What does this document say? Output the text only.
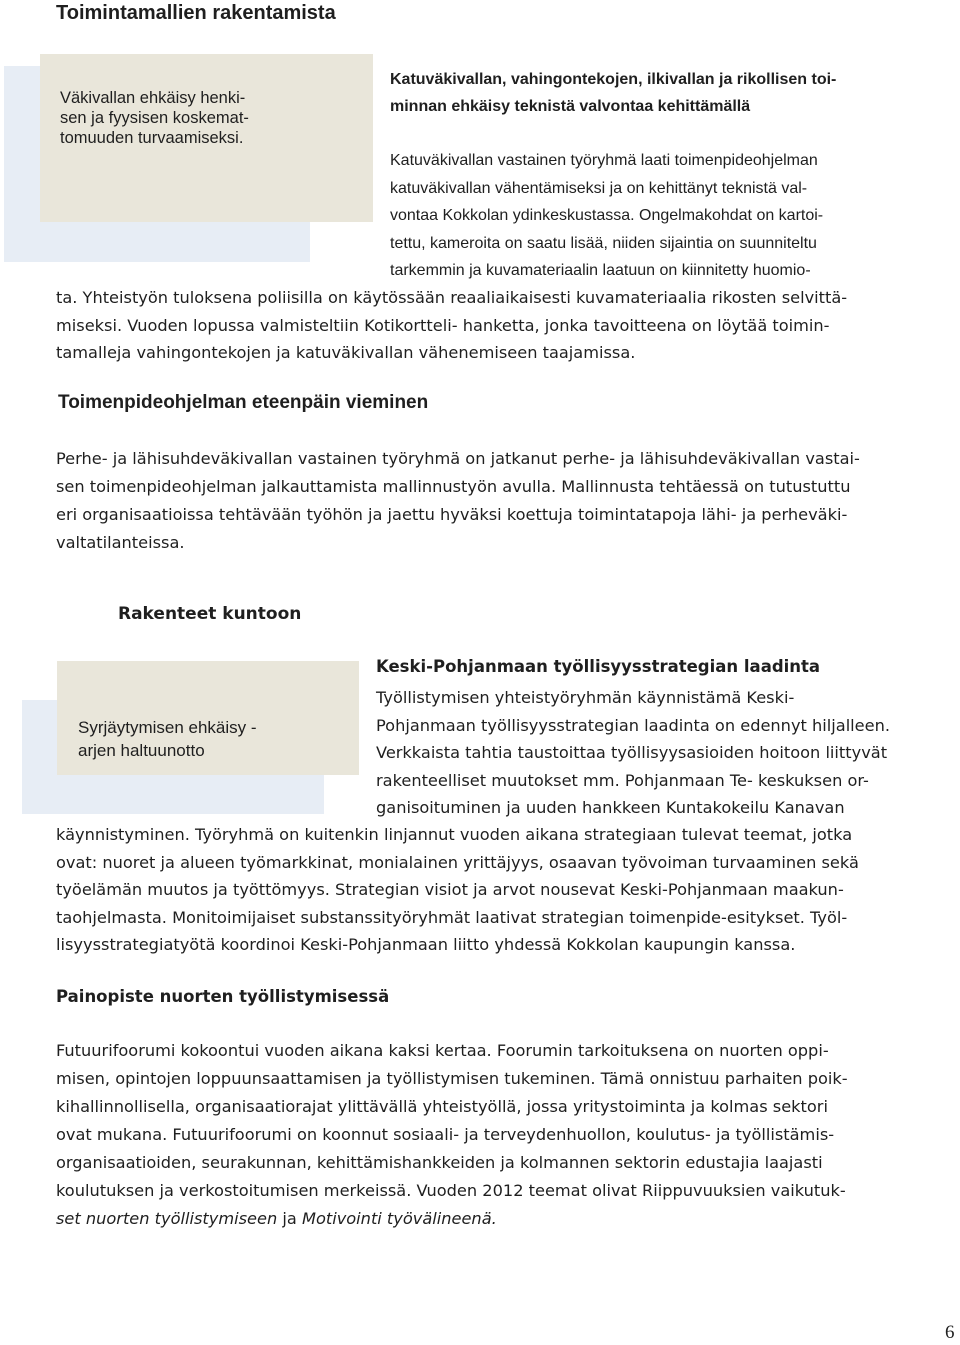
Toimintamallien rakentamista
Väkivallan ehkäisy henki-
sen ja fyysisen koskemat-
tomuuden turvaamiseksi.
Katuväkivallan, vahingontekojen, ilkivallan ja rikollisen toi-
minnan ehkäisy teknistä valvontaa kehittämällä
Katuväkivallan vastainen työryhmä laati toimenpideohjelman
katuväkivallan vähentämiseksi ja on kehittänyt teknistä val-
vontaa Kokkolan ydinkeskustassa. Ongelmakohdat on kartoi-
tettu, kameroita on saatu lisää, niiden sijaintia on suunniteltu
tarkemmin ja kuvamateriaalin laatuun on kiinnitetty huomio-
ta. Yhteistyön tuloksena poliisilla on käytössään reaaliaikaisesti kuvamateriaalia rikosten selvittä-
miseksi. Vuoden lopussa valmisteltiin Kotikortteli- hanketta, jonka tavoitteena on löytää toimin-
tamalleja vahingontekojen ja katuväkivallan vähenemiseen taajamissa.
Toimenpideohjelman eteenpäin vieminen
Perhe- ja lähisuhdeväkivallan vastainen työryhmä on jatkanut perhe- ja lähisuhdeväkivallan vastai-
sen toimenpideohjelman jalkauttamista mallinnustyön avulla. Mallinnusta tehtäessä on tutustuttu
eri organisaatioissa tehtävään työhön ja jaettu hyväksi koettuja toimintatapoja lähi- ja perheväki-
valtatilanteissa.
Rakenteet kuntoon
Syrjäytymisen ehkäisy -
arjen haltuunotto
Keski-Pohjanmaan työllisyysstrategian laadinta
Työllistymisen yhteistyöryhmän käynnistämä Keski-
Pohjanmaan työllisyysstrategian laadinta on edennyt hiljalleen.
Verkkaista tahtia taustoittaa työllisyysasioiden hoitoon liittyvät
rakenteelliset muutokset mm. Pohjanmaan Te- keskuksen or-
ganisoituminen ja uuden hankkeen Kuntakokeilu Kanavan
käynnistyminen. Työryhmä on kuitenkin linjannut vuoden aikana strategiaan tulevat teemat, jotka
ovat: nuoret ja alueen työmarkkinat, monialainen yrittäjyys, osaavan työvoiman turvaaminen sekä
työelämän muutos ja työttömyys. Strategian visiot ja arvot nousevat Keski-Pohjanmaan maakun-
taohjelmasta. Monitoimijaiset substanssityöryhmät laativat strategian toimenpide-esitykset. Työl-
lisyysstrategiatyötä koordinoi Keski-Pohjanmaan liitto yhdessä Kokkolan kaupungin kanssa.
Painopiste nuorten työllistymisessä
Futuurifoorumi kokoontui vuoden aikana kaksi kertaa. Foorumin tarkoituksena on nuorten oppi-
misen, opintojen loppuunsaattamisen ja työllistymisen tukeminen. Tämä onnistuu parhaiten poik-
kihallinnollisella, organisaatiorajat ylittävällä yhteistyöllä, jossa yritystoiminta ja kolmas sektori
ovat mukana. Futuurifoorumi on koonnut sosiaali- ja terveydenhuollon, koulutus- ja työllistämis-
organisaatioiden, seurakunnan, kehittämishankkeiden ja kolmannen sektorin edustajia laajasti
koulutuksen ja verkostoitumisen merkeissä. Vuoden 2012 teemat olivat Riippuvuuksien vaikutuk-
set nuorten työllistymiseen ja Motivointi työvälineenä.
6
